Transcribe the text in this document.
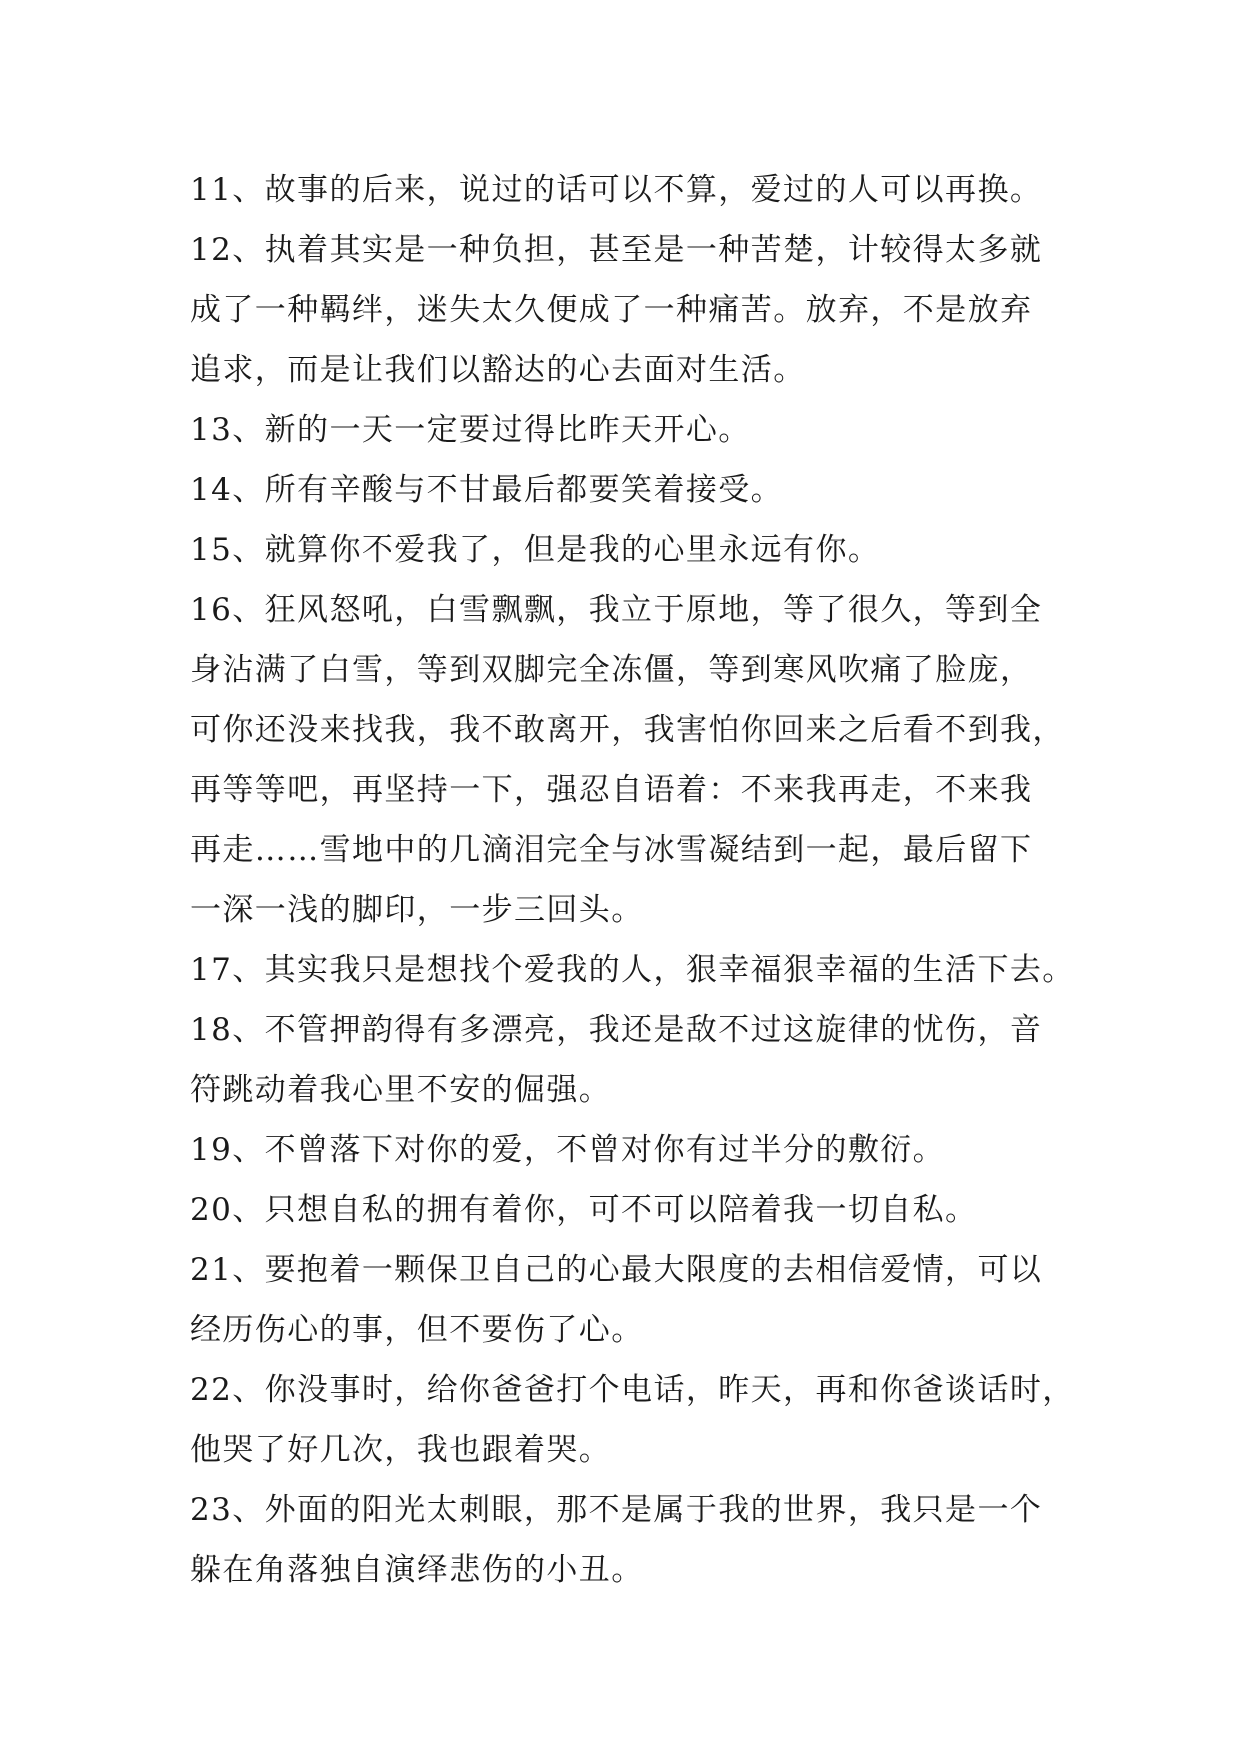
11、故事的后来，说过的话可以不算，爱过的人可以再换。
12、执着其实是一种负担，甚至是一种苦楚，计较得太多就
成了一种羁绊，迷失太久便成了一种痛苦。放弃，不是放弃
追求，而是让我们以豁达的心去面对生活。
13、新的一天一定要过得比昨天开心。
14、所有辛酸与不甘最后都要笑着接受。
15、就算你不爱我了，但是我的心里永远有你。
16、狂风怒吼，白雪飘飘，我立于原地，等了很久，等到全
身沾满了白雪，等到双脚完全冻僵，等到寒风吹痛了脸庞，
可你还没来找我，我不敢离开，我害怕你回来之后看不到我，
再等等吧，再坚持一下，强忍自语着：不来我再走，不来我
再走……雪地中的几滴泪完全与冰雪凝结到一起，最后留下
一深一浅的脚印，一步三回头。
17、其实我只是想找个爱我的人，狠幸福狠幸福的生活下去。
18、不管押韵得有多漂亮，我还是敌不过这旋律的忧伤，音
符跳动着我心里不安的倔强。
19、不曾落下对你的爱，不曾对你有过半分的敷衍。
20、只想自私的拥有着你，可不可以陪着我一切自私。
21、要抱着一颗保卫自己的心最大限度的去相信爱情，可以
经历伤心的事，但不要伤了心。
22、你没事时，给你爸爸打个电话，昨天，再和你爸谈话时，
他哭了好几次，我也跟着哭。
23、外面的阳光太刺眼，那不是属于我的世界，我只是一个
躲在角落独自演绎悲伤的小丑。
